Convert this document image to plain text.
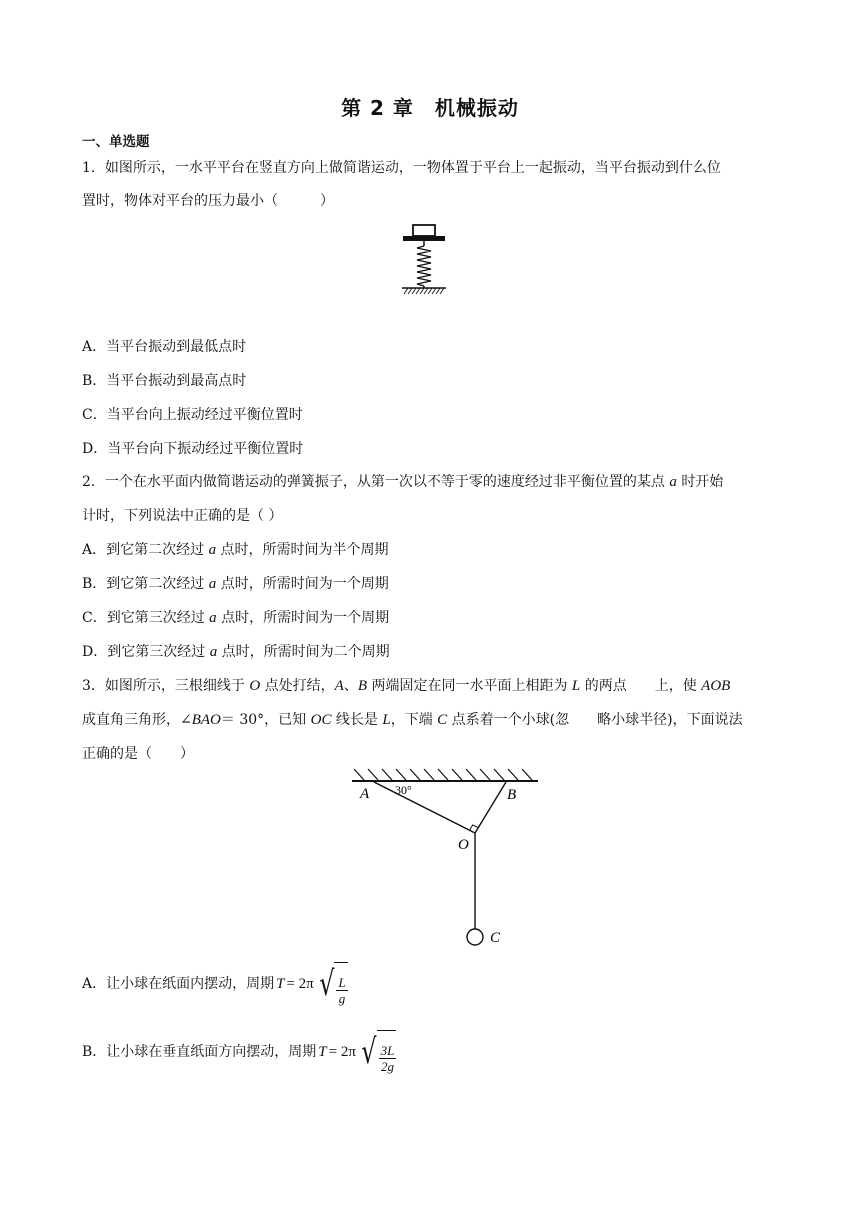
第 2 章　机械振动
一、单选题
1．如图所示，一水平平台在竖直方向上做简谐运动，一物体置于平台上一起振动，当平台振动到什么位
置时，物体对平台的压力最小（　　　）
A．当平台振动到最低点时
B．当平台振动到最高点时
C．当平台向上振动经过平衡位置时
D．当平台向下振动经过平衡位置时
2．一个在水平面内做简谐运动的弹簧振子，从第一次以不等于零的速度经过非平衡位置的某点 a 时开始
计时，下列说法中正确的是（ ）
A．到它第二次经过 a 点时，所需时间为半个周期
B．到它第二次经过 a 点时，所需时间为一个周期
C．到它第三次经过 a 点时，所需时间为一个周期
D．到它第三次经过 a 点时，所需时间为二个周期
3．如图所示，三根细线于 O 点处打结，A、B 两端固定在同一水平面上相距为 L 的两点　　上，使 AOB
成直角三角形，∠BAO＝ 30°，已知 OC 线长是 L，下端 C 点系着一个小球(忽　　略小球半径)，下面说法
正确的是（　　）
A 30°	B
O
C
A．让小球在纸面内摆动，周期 T = 2π √ $\frac{L}{g}$
B．让小球在垂直纸面方向摆动，周期 T = 2π √ $\frac{3L}{2g}$
